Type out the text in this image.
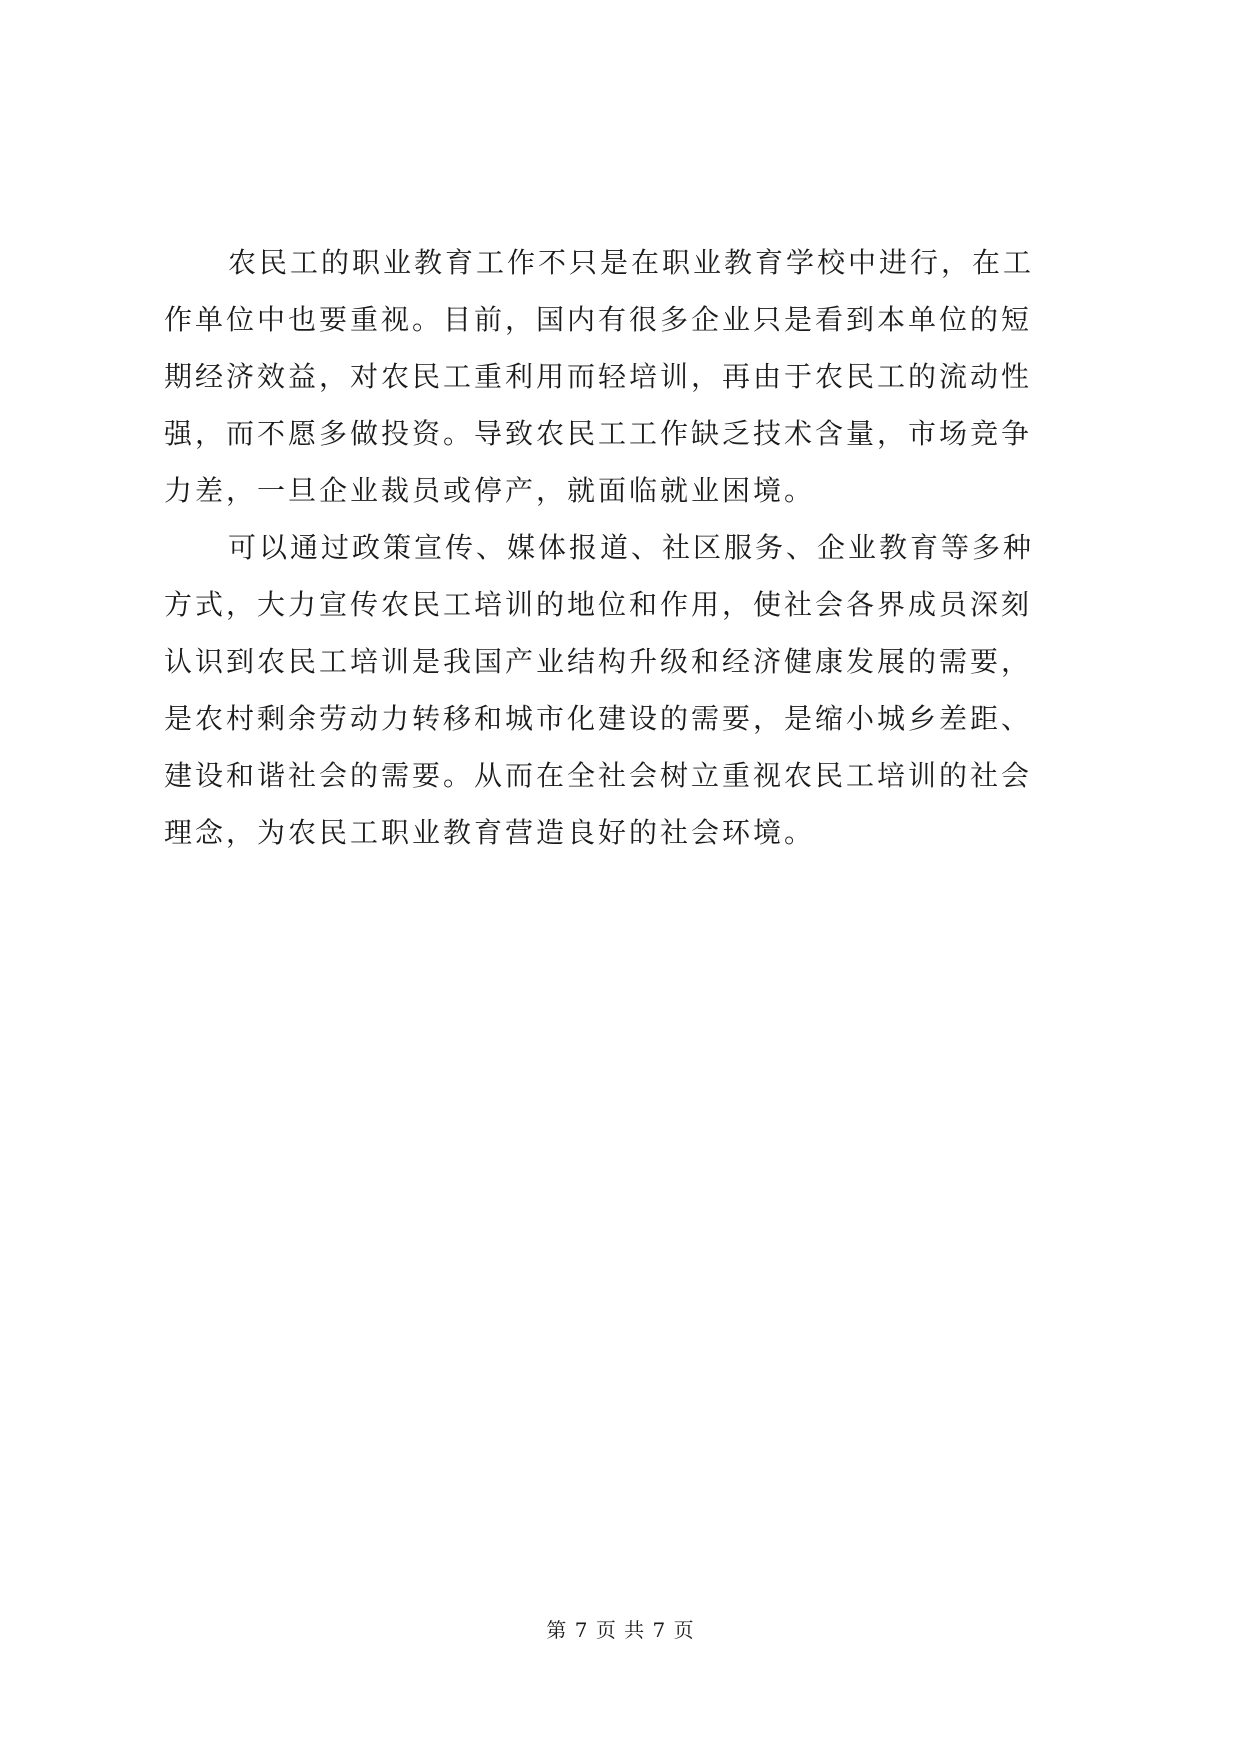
农民工的职业教育工作不只是在职业教育学校中进行，在工
作单位中也要重视。目前，国内有很多企业只是看到本单位的短
期经济效益，对农民工重利用而轻培训，再由于农民工的流动性
强，而不愿多做投资。导致农民工工作缺乏技术含量，市场竞争
力差，一旦企业裁员或停产，就面临就业困境。

可以通过政策宣传、媒体报道、社区服务、企业教育等多种
方式，大力宣传农民工培训的地位和作用，使社会各界成员深刻
认识到农民工培训是我国产业结构升级和经济健康发展的需要，
是农村剩余劳动力转移和城市化建设的需要，是缩小城乡差距、
建设和谐社会的需要。从而在全社会树立重视农民工培训的社会
理念，为农民工职业教育营造良好的社会环境。

第 7 页 共 7 页
